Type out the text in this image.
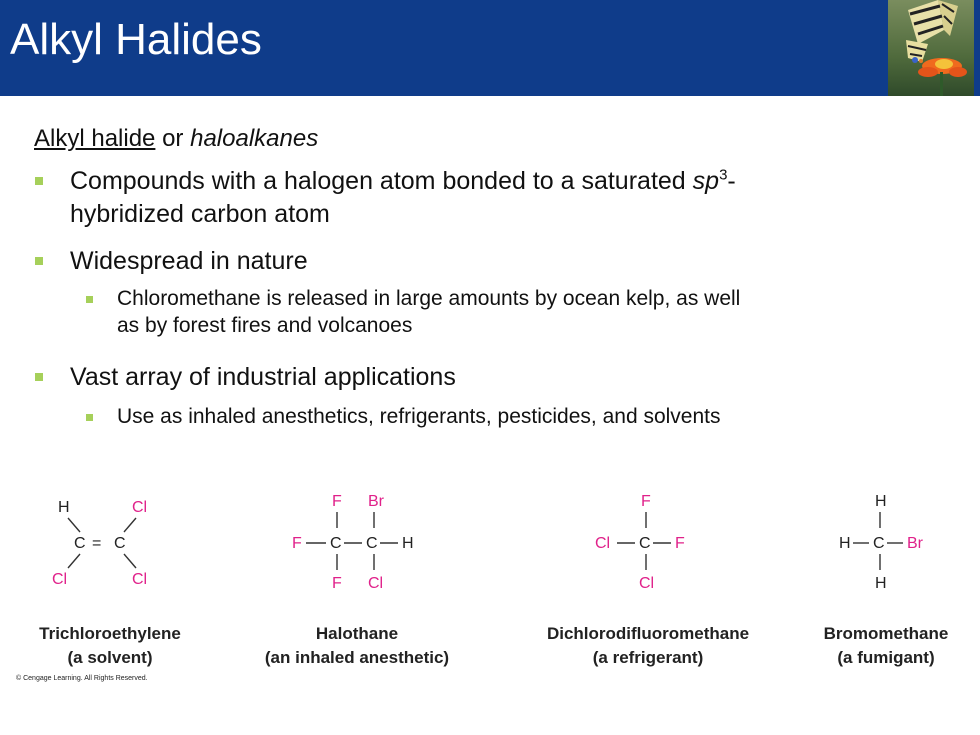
Alkyl Halides
Alkyl halide or haloalkanes
Compounds with a halogen atom bonded to a saturated $sp^3-$
hybridized carbon atom
Widespread in nature
Chloromethane is released in large amounts by ocean kelp, as well
as by forest fires and volcanoes
Vast array of industrial applications
Use as inhaled anesthetics, refrigerants, pesticides, and solvents
H	Cl
C = C
Cl	Cl
F Br
F C C H
F Cl
F
Cl C F
Cl
H
H C Br
H
Trichloroethylene
(a solvent)
Halothane
(an inhaled anesthetic)
Dichlorodifluoromethane
(a refrigerant)
Bromomethane
(a fumigant)
© Cengage Learning. All Rights Reserved.
